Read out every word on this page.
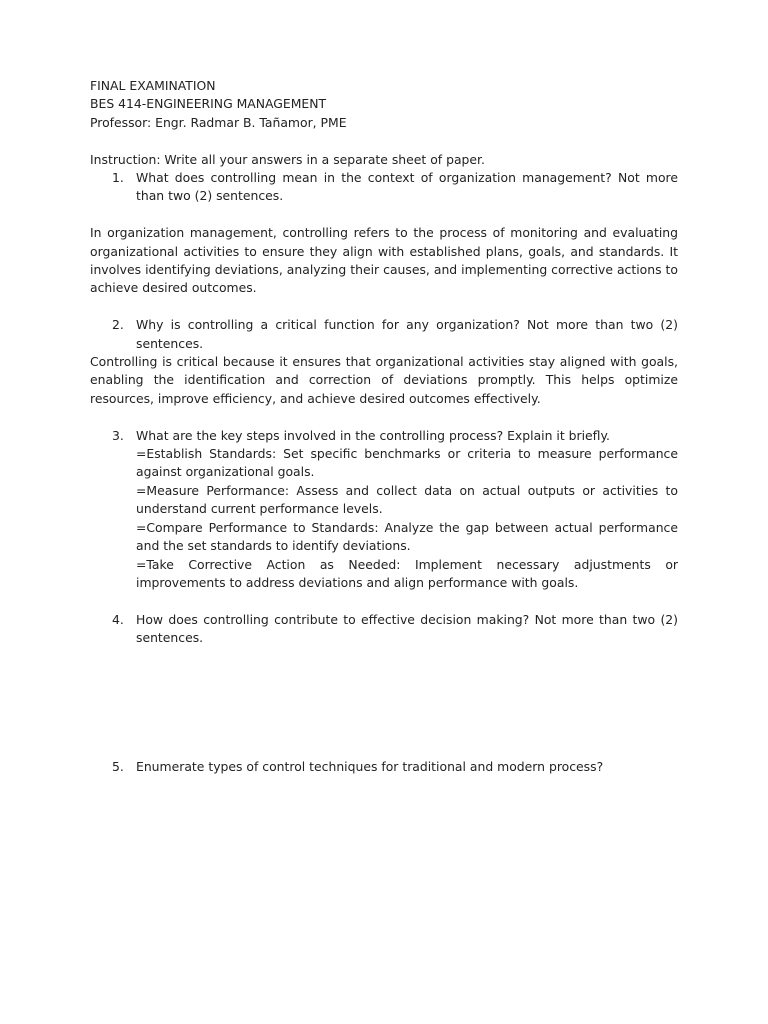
FINAL EXAMINATION

BES 414-ENGINEERING MANAGEMENT

Professor: Engr. Radmar B. Tañamor, PME

Instruction: Write all your answers in a separate sheet of paper.

1. What does controlling mean in the context of organization management? Not more than two (2) sentences.

In organization management, controlling refers to the process of monitoring and evaluating organizational activities to ensure they align with established plans, goals, and standards. It involves identifying deviations, analyzing their causes, and implementing corrective actions to achieve desired outcomes.

2. Why is controlling a critical function for any organization? Not more than two (2) sentences.

Controlling is critical because it ensures that organizational activities stay aligned with goals, enabling the identification and correction of deviations promptly. This helps optimize resources, improve efficiency, and achieve desired outcomes effectively.

3. What are the key steps involved in the controlling process? Explain it briefly.

=Establish Standards: Set specific benchmarks or criteria to measure performance against organizational goals.

=Measure Performance: Assess and collect data on actual outputs or activities to understand current performance levels.

=Compare Performance to Standards: Analyze the gap between actual performance and the set standards to identify deviations.

=Take Corrective Action as Needed: Implement necessary adjustments or improvements to address deviations and align performance with goals.

4. How does controlling contribute to effective decision making? Not more than two (2) sentences.
5. Enumerate types of control techniques for traditional and modern process?
